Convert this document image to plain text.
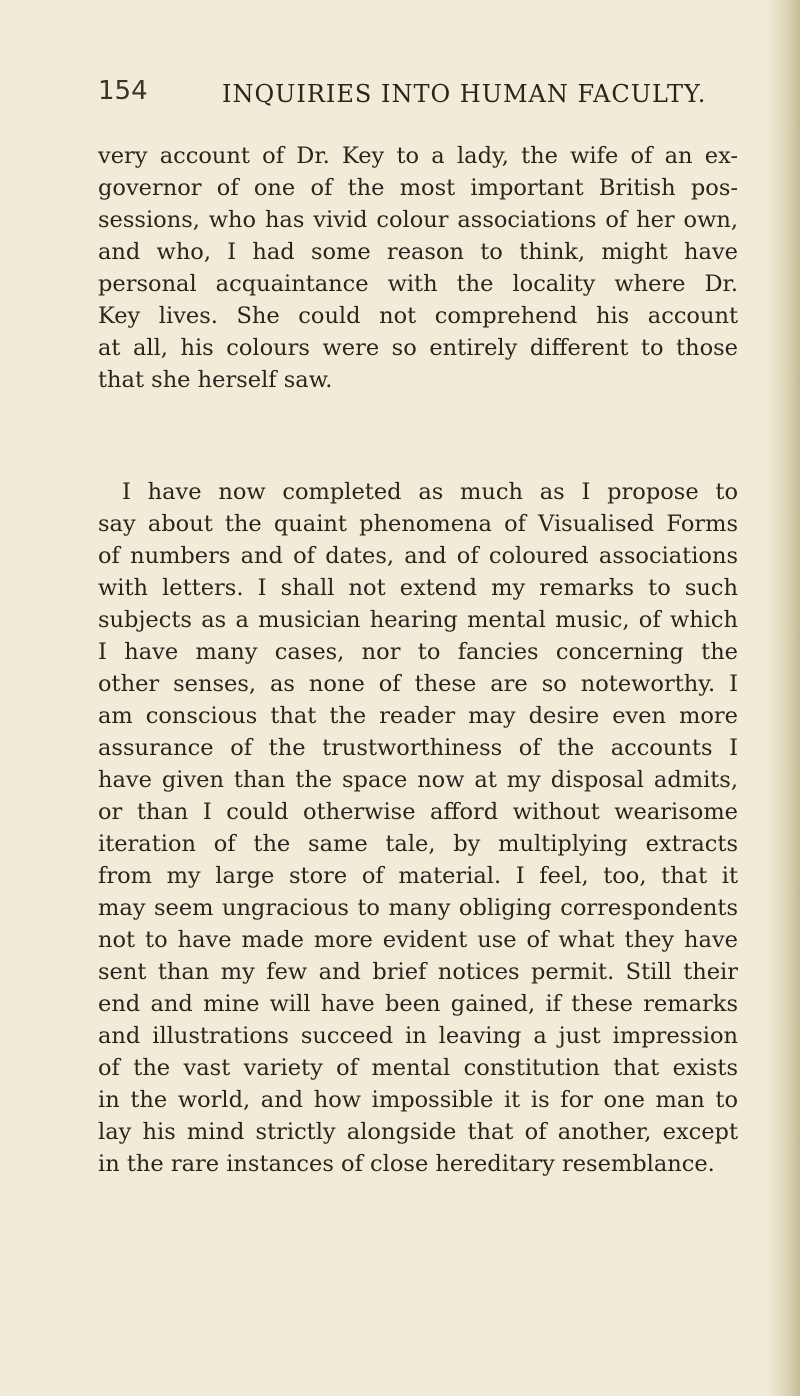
154	INQUIRIES INTO HUMAN FACULTY.
very account of Dr. Key to a lady, the wife of an ex-
governor of one of the most important British pos-
sessions, who has vivid colour associations of her own,
and who, I had some reason to think, might have
personal acquaintance with the locality where Dr.
Key lives. She could not comprehend his account
at all, his colours were so entirely different to those
that she herself saw.
I have now completed as much as I propose to
say about the quaint phenomena of Visualised Forms
of numbers and of dates, and of coloured associations
with letters. I shall not extend my remarks to such
subjects as a musician hearing mental music, of which
I have many cases, nor to fancies concerning the
other senses, as none of these are so noteworthy. I
am conscious that the reader may desire even more
assurance of the trustworthiness of the accounts I
have given than the space now at my disposal admits,
or than I could otherwise afford without wearisome
iteration of the same tale, by multiplying extracts
from my large store of material. I feel, too, that it
may seem ungracious to many obliging correspondents
not to have made more evident use of what they have
sent than my few and brief notices permit. Still their
end and mine will have been gained, if these remarks
and illustrations succeed in leaving a just impression
of the vast variety of mental constitution that exists
in the world, and how impossible it is for one man to
lay his mind strictly alongside that of another, except
in the rare instances of close hereditary resemblance.
